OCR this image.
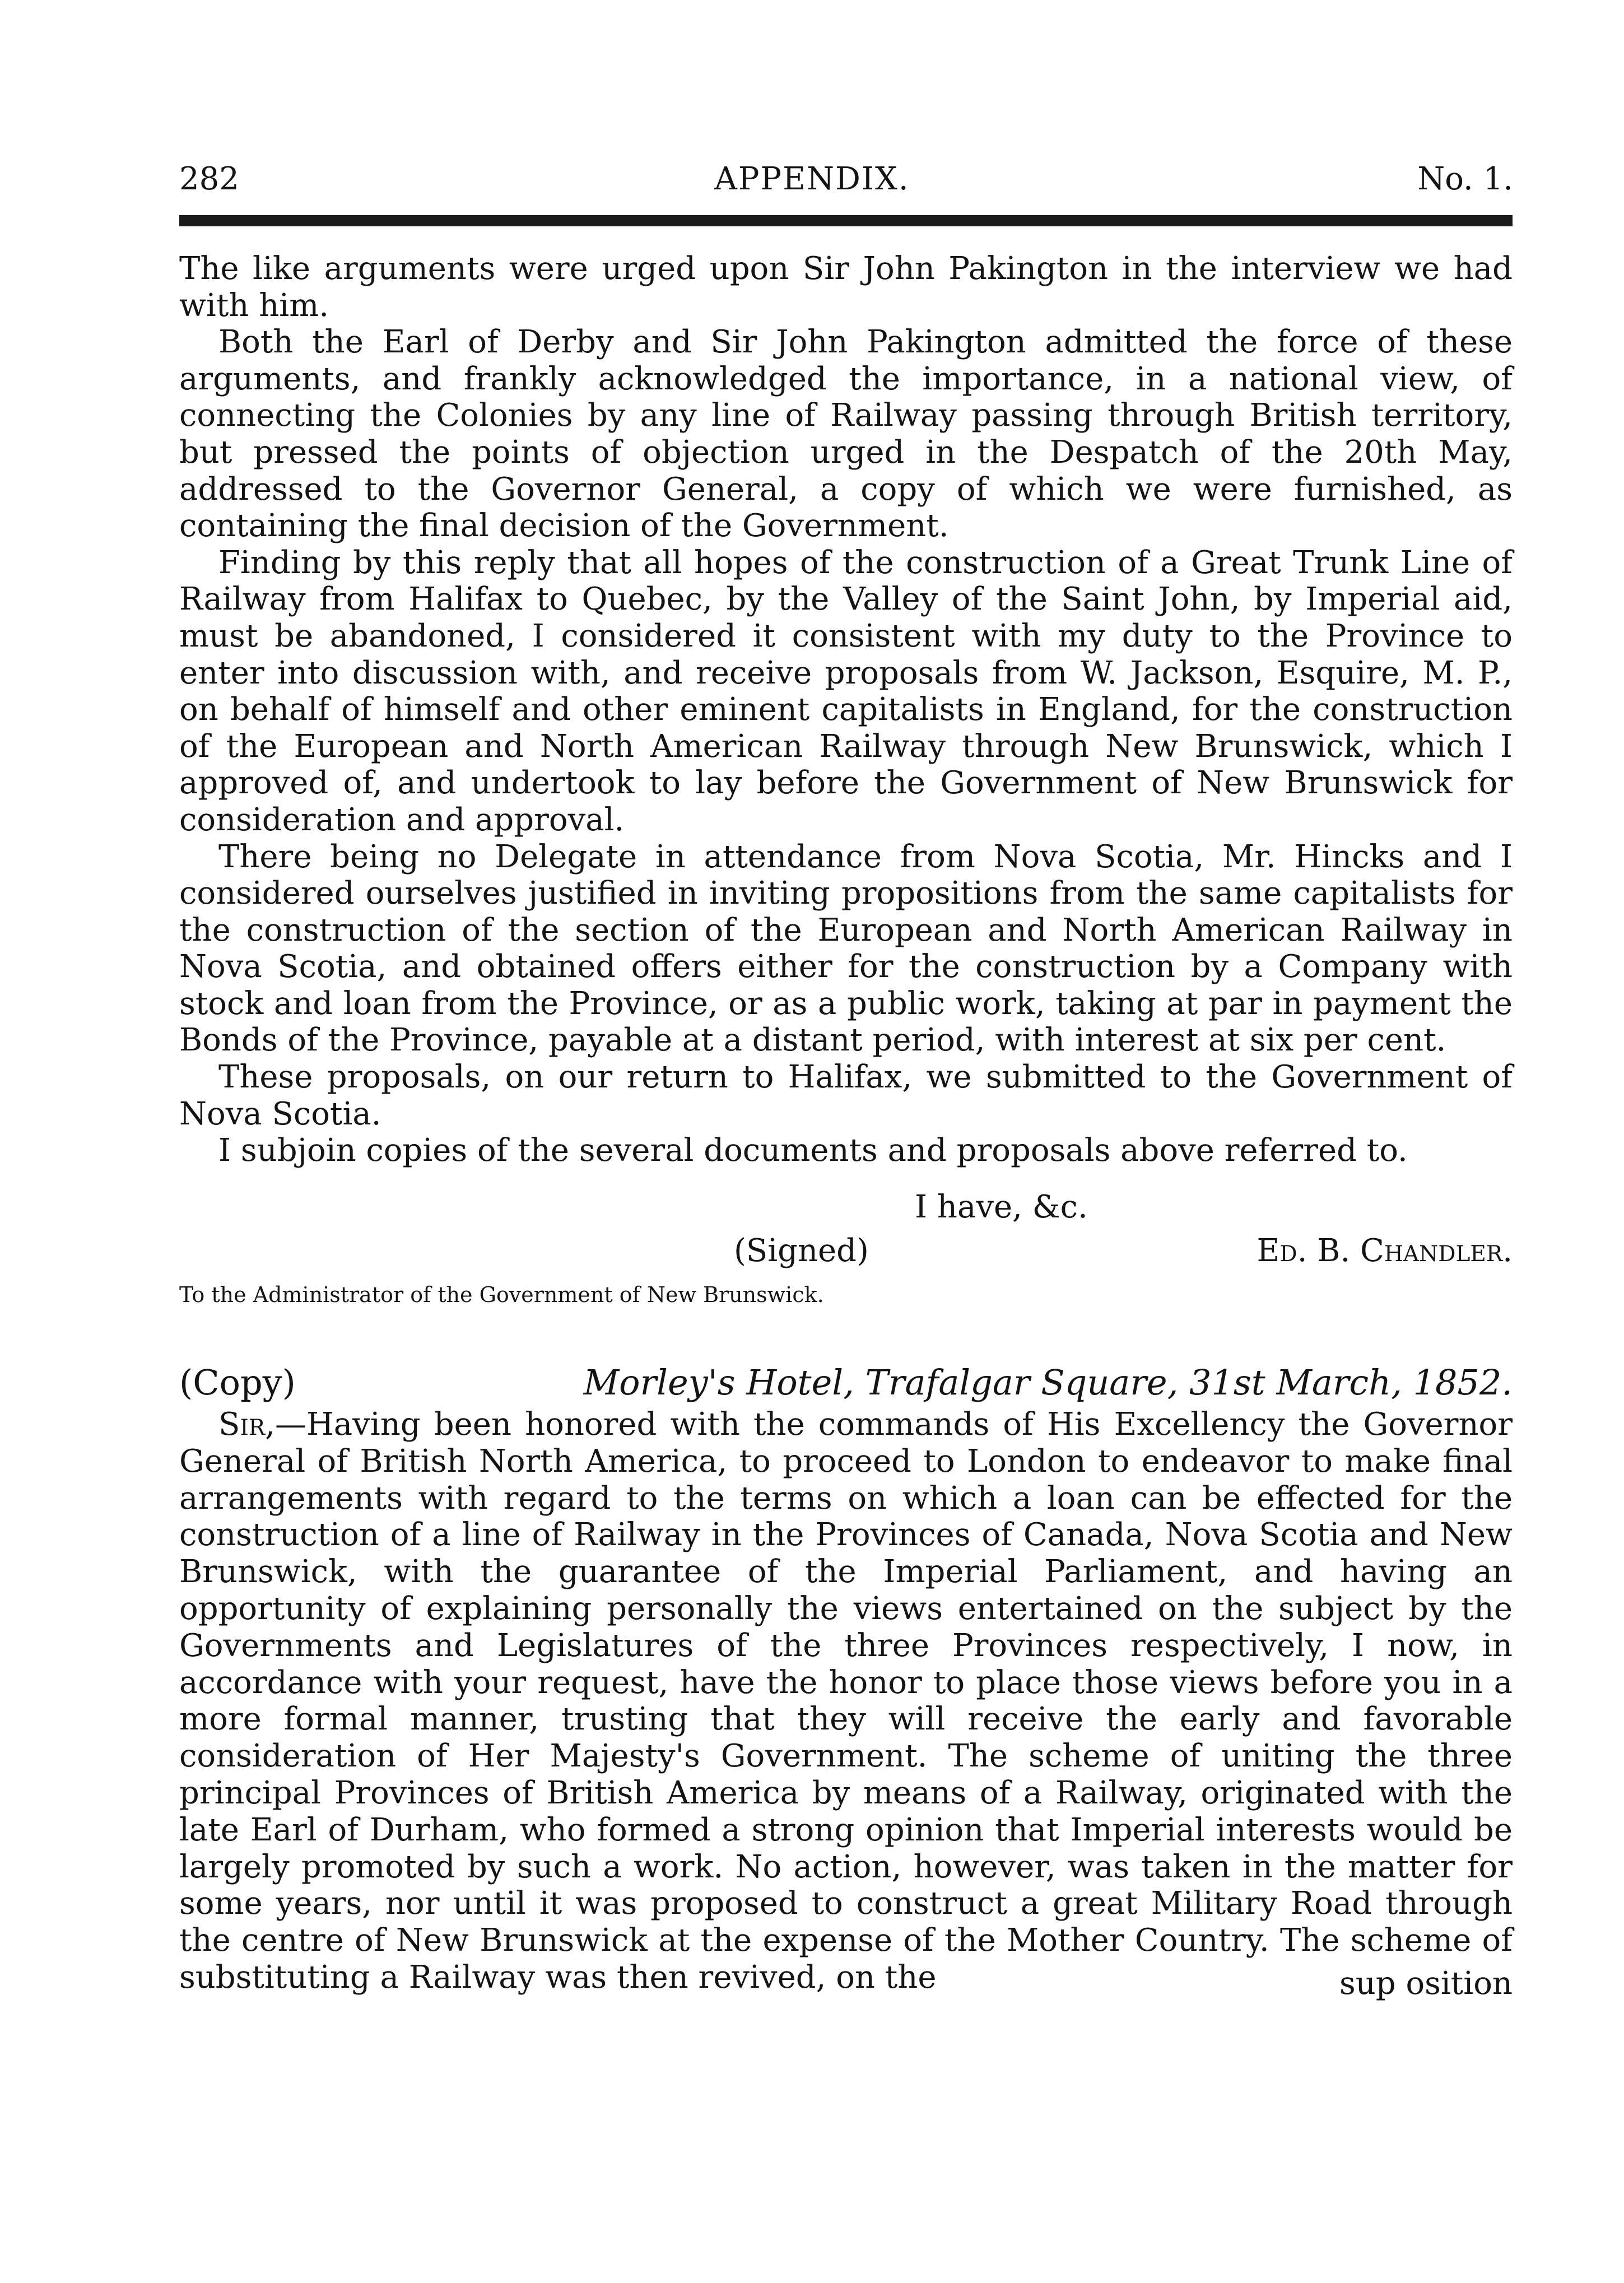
282	APPENDIX.	No. 1.

The like arguments were urged upon Sir John Pakington in the interview we had with him.

Both the Earl of Derby and Sir John Pakington admitted the force of these arguments, and frankly acknowledged the importance, in a national view, of connecting the Colonies by any line of Railway passing through British territory, but pressed the points of objection urged in the Despatch of the 20th May, addressed to the Governor General, a copy of which we were furnished, as containing the final decision of the Government.

Finding by this reply that all hopes of the construction of a Great Trunk Line of Railway from Halifax to Quebec, by the Valley of the Saint John, by Imperial aid, must be abandoned, I considered it consistent with my duty to the Province to enter into discussion with, and receive proposals from W. Jackson, Esquire, M. P., on behalf of himself and other eminent capitalists in England, for the construction of the European and North American Railway through New Brunswick, which I approved of, and undertook to lay before the Government of New Brunswick for consideration and approval.

There being no Delegate in attendance from Nova Scotia, Mr. Hincks and I considered ourselves justified in inviting propositions from the same capitalists for the construction of the section of the European and North American Railway in Nova Scotia, and obtained offers either for the construction by a Company with stock and loan from the Province, or as a public work, taking at par in payment the Bonds of the Province, payable at a distant period, with interest at six per cent.

These proposals, on our return to Halifax, we submitted to the Government of Nova Scotia.

I subjoin copies of the several documents and proposals above referred to.

I have, &c.
(Signed)	Ed. B. Chandler.
To the Administrator of the Government of New Brunswick.
(Copy)	Morley's Hotel, Trafalgar Square, 31st March, 1852.

Sir,—Having been honored with the commands of His Excellency the Governor General of British North America, to proceed to London to endeavor to make final arrangements with regard to the terms on which a loan can be effected for the construction of a line of Railway in the Provinces of Canada, Nova Scotia and New Brunswick, with the guarantee of the Imperial Parliament, and having an opportunity of explaining personally the views entertained on the subject by the Governments and Legislatures of the three Provinces respectively, I now, in accordance with your request, have the honor to place those views before you in a more formal manner, trusting that they will receive the early and favorable consideration of Her Majesty's Government. The scheme of uniting the three principal Provinces of British America by means of a Railway, originated with the late Earl of Durham, who formed a strong opinion that Imperial interests would be largely promoted by such a work. No action, however, was taken in the matter for some years, nor until it was proposed to construct a great Military Road through the centre of New Brunswick at the expense of the Mother Country. The scheme of substituting a Railway was then revived, on the	sup osition
